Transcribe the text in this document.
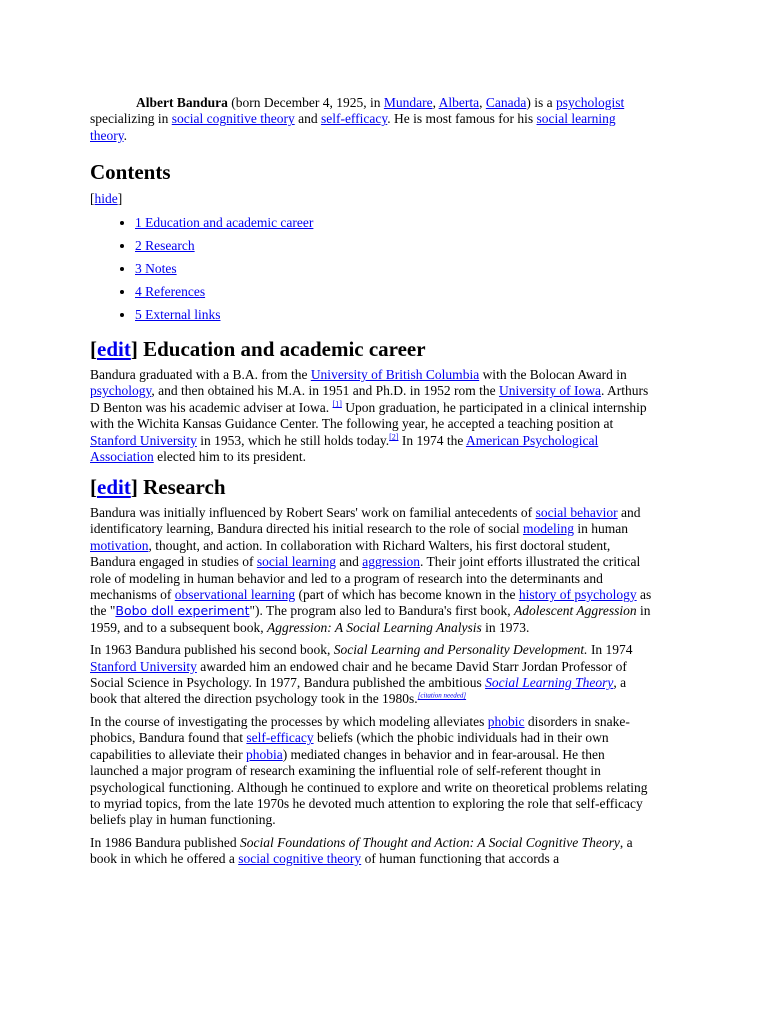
Albert Bandura (born December 4, 1925, in Mundare, Alberta, Canada) is a psychologist specializing in social cognitive theory and self-efficacy. He is most famous for his social learning theory.

Contents
[hide]
• 1 Education and academic career
• 2 Research
• 3 Notes
• 4 References
• 5 External links
[edit] Education and academic career

Bandura graduated with a B.A. from the University of British Columbia with the Bolocan Award in psychology, and then obtained his M.A. in 1951 and Ph.D. in 1952 rom the University of Iowa. Arthurs D Benton was his academic adviser at Iowa. [1] Upon graduation, he participated in a clinical internship with the Wichita Kansas Guidance Center. The following year, he accepted a teaching position at Stanford University in 1953, which he still holds today.[2] In 1974 the American Psychological Association elected him to its president.

[edit] Research

Bandura was initially influenced by Robert Sears' work on familial antecedents of social behavior and identificatory learning, Bandura directed his initial research to the role of social modeling in human motivation, thought, and action. In collaboration with Richard Walters, his first doctoral student, Bandura engaged in studies of social learning and aggression. Their joint efforts illustrated the critical role of modeling in human behavior and led to a program of research into the determinants and mechanisms of observational learning (part of which has become known in the history of psychology as the "Bobo doll experiment"). The program also led to Bandura's first book, Adolescent Aggression in 1959, and to a subsequent book, Aggression: A Social Learning Analysis in 1973.

In 1963 Bandura published his second book, Social Learning and Personality Development. In 1974 Stanford University awarded him an endowed chair and he became David Starr Jordan Professor of Social Science in Psychology. In 1977, Bandura published the ambitious Social Learning Theory, a book that altered the direction psychology took in the 1980s.[citation needed]

In the course of investigating the processes by which modeling alleviates phobic disorders in snake-phobics, Bandura found that self-efficacy beliefs (which the phobic individuals had in their own capabilities to alleviate their phobia) mediated changes in behavior and in fear-arousal. He then launched a major program of research examining the influential role of self-referent thought in psychological functioning. Although he continued to explore and write on theoretical problems relating to myriad topics, from the late 1970s he devoted much attention to exploring the role that self-efficacy beliefs play in human functioning.

In 1986 Bandura published Social Foundations of Thought and Action: A Social Cognitive Theory, a book in which he offered a social cognitive theory of human functioning that accords a
